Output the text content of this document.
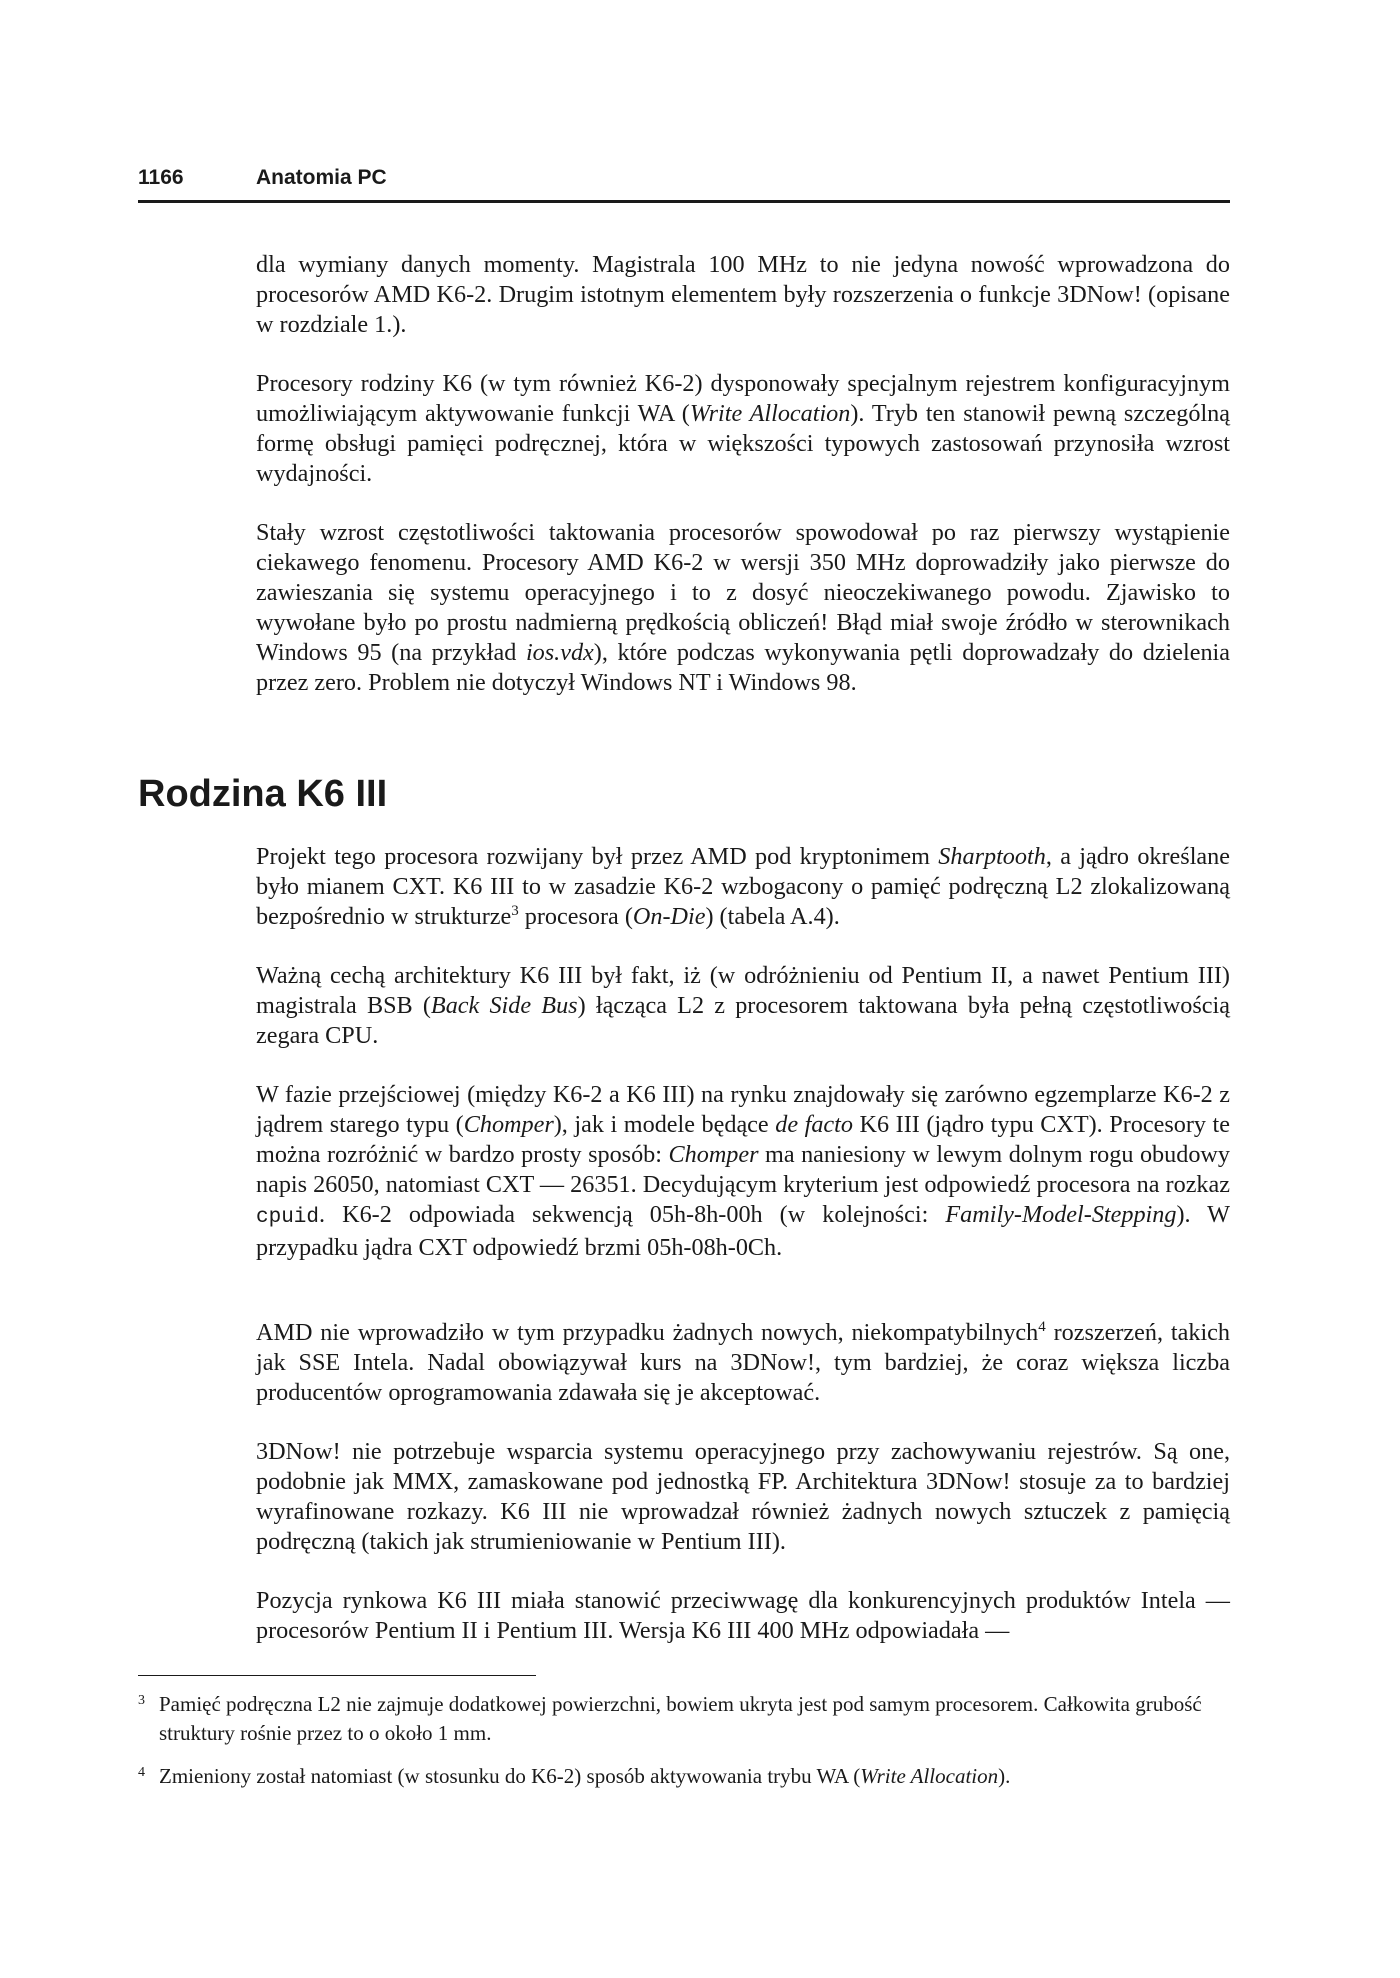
1166	Anatomia PC

dla wymiany danych momenty. Magistrala 100 MHz to nie jedyna nowość wprowadzona do procesorów AMD K6-2. Drugim istotnym elementem były rozszerzenia o funkcje 3DNow! (opisane w rozdziale 1.).

Procesory rodziny K6 (w tym również K6-2) dysponowały specjalnym rejestrem konfiguracyjnym umożliwiającym aktywowanie funkcji WA (Write Allocation). Tryb ten stanowił pewną szczególną formę obsługi pamięci podręcznej, która w większości typowych zastosowań przynosiła wzrost wydajności.

Stały wzrost częstotliwości taktowania procesorów spowodował po raz pierwszy wystąpienie ciekawego fenomenu. Procesory AMD K6-2 w wersji 350 MHz doprowadziły jako pierwsze do zawieszania się systemu operacyjnego i to z dosyć nieoczekiwanego powodu. Zjawisko to wywołane było po prostu nadmierną prędkością obliczeń! Błąd miał swoje źródło w sterownikach Windows 95 (na przykład ios.vdx), które podczas wykonywania pętli doprowadzały do dzielenia przez zero. Problem nie dotyczył Windows NT i Windows 98.

Rodzina K6 III

Projekt tego procesora rozwijany był przez AMD pod kryptonimem Sharptooth, a jądro określane było mianem CXT. K6 III to w zasadzie K6-2 wzbogacony o pamięć podręczną L2 zlokalizowaną bezpośrednio w strukturze$^3$ procesora (On-Die) (tabela A.4).

Ważną cechą architektury K6 III był fakt, iż (w odróżnieniu od Pentium II, a nawet Pentium III) magistrala BSB (Back Side Bus) łącząca L2 z procesorem taktowana była pełną częstotliwością zegara CPU.

W fazie przejściowej (między K6-2 a K6 III) na rynku znajdowały się zarówno egzemplarze K6-2 z jądrem starego typu (Chomper), jak i modele będące de facto K6 III (jądro typu CXT). Procesory te można rozróżnić w bardzo prosty sposób: Chomper ma naniesiony w lewym dolnym rogu obudowy napis 26050, natomiast CXT — 26351. Decydującym kryterium jest odpowiedź procesora na rozkaz cpuid. K6-2 odpowiada sekwencją 05h-8h-00h (w kolejności: Family-Model-Stepping). W przypadku jądra CXT odpowiedź brzmi 05h-08h-0Ch.

AMD nie wprowadziło w tym przypadku żadnych nowych, niekompatybilnych$^4$ rozszerzeń, takich jak SSE Intela. Nadal obowiązywał kurs na 3DNow!, tym bardziej, że coraz większa liczba producentów oprogramowania zdawała się je akceptować.

3DNow! nie potrzebuje wsparcia systemu operacyjnego przy zachowywaniu rejestrów. Są one, podobnie jak MMX, zamaskowane pod jednostką FP. Architektura 3DNow! stosuje za to bardziej wyrafinowane rozkazy. K6 III nie wprowadzał również żadnych nowych sztuczek z pamięcią podręczną (takich jak strumieniowanie w Pentium III).

Pozycja rynkowa K6 III miała stanowić przeciwwagę dla konkurencyjnych produktów Intela — procesorów Pentium II i Pentium III. Wersja K6 III 400 MHz odpowiadała —

3 Pamięć podręczna L2 nie zajmuje dodatkowej powierzchni, bowiem ukryta jest pod samym procesorem. Całkowita grubość struktury rośnie przez to o około 1 mm.
4 Zmieniony został natomiast (w stosunku do K6-2) sposób aktywowania trybu WA (Write Allocation).
